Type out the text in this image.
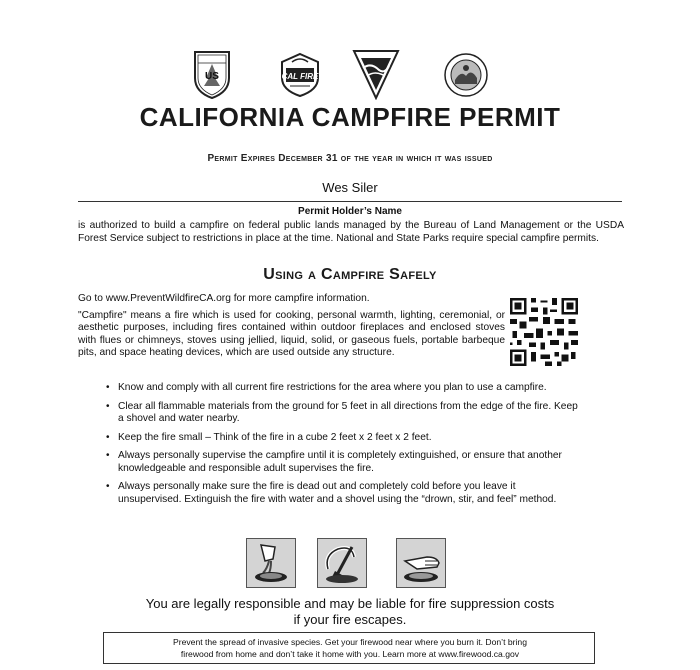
US	CAL FIRE
CALIFORNIA CAMPFIRE PERMIT
Permit Expires December 31 of the year in which it was issued
Wes Siler
Permit Holder’s Name
is authorized to build a campfire on federal public lands managed by the Bureau of Land Management or the USDA Forest Service subject to restrictions in place at the time. National and State Parks require special campfire permits.
Using a Campfire Safely
Go to www.PreventWildfireCA.org for more campfire information.
"Campfire" means a fire which is used for cooking, personal warmth, lighting, ceremonial, or aesthetic purposes, including fires contained within outdoor fireplaces and enclosed stoves with flues or chimneys, stoves using jellied, liquid, solid, or gaseous fuels, portable barbeque pits, and space heating devices, which are used outside any structure.
• Know and comply with all current fire restrictions for the area where you plan to use a campfire.
• Clear all flammable materials from the ground for 5 feet in all directions from the edge of the fire. Keep a shovel and water nearby.
• Keep the fire small – Think of the fire in a cube 2 feet x 2 feet x 2 feet.
• Always personally supervise the campfire until it is completely extinguished, or ensure that another knowledgeable and responsible adult supervises the fire.
• Always personally make sure the fire is dead out and completely cold before you leave it unsupervised. Extinguish the fire with water and a shovel using the “drown, stir, and feel” method.
You are legally responsible and may be liable for fire suppression costs
if your fire escapes.
Prevent the spread of invasive species. Get your firewood near where you burn it. Don’t bring
firewood from home and don’t take it home with you. Learn more at www.firewood.ca.gov
